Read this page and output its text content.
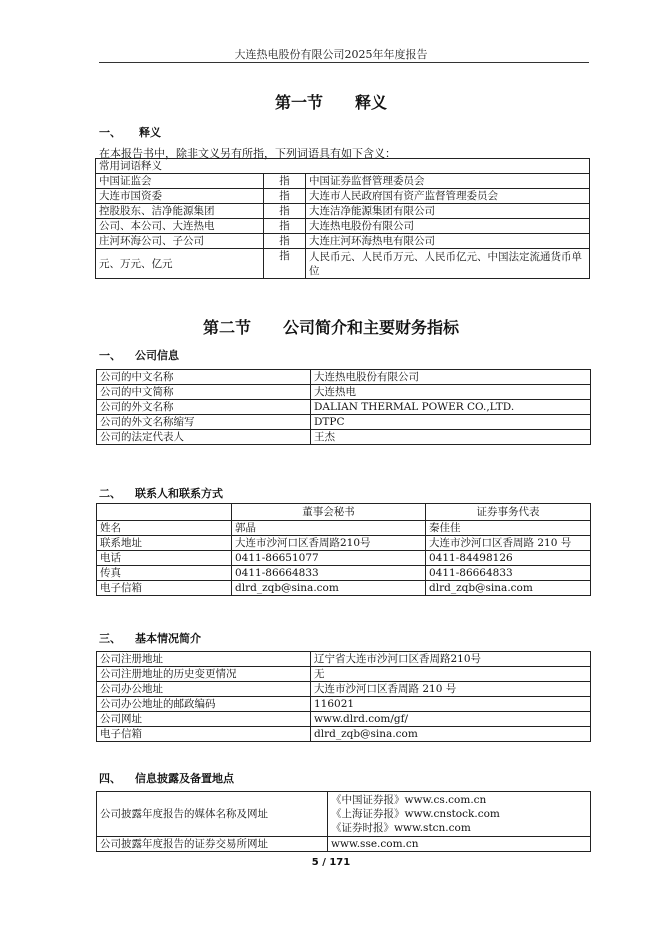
大连热电股份有限公司2025年年度报告
第一节　　释义
一、 释义
在本报告书中，除非文义另有所指，下列词语具有如下含义：
常用词语释义		
中国证监会	指	中国证券监督管理委员会
大连市国资委	指	大连市人民政府国有资产监督管理委员会
控股股东、洁净能源集团	指	大连洁净能源集团有限公司
公司、本公司、大连热电	指	大连热电股份有限公司
庄河环海公司、子公司	指	大连庄河环海热电有限公司
元、万元、亿元	指	人民币元、人民币万元、人民币亿元、中国法定流通货币单位
第二节　　公司简介和主要财务指标
一、 公司信息
公司的中文名称	大连热电股份有限公司
公司的中文简称	大连热电
公司的外文名称	DALIAN THERMAL POWER CO.,LTD.
公司的外文名称缩写	DTPC
公司的法定代表人	王杰
二、 联系人和联系方式
	董事会秘书	证券事务代表
姓名	郭晶	秦佳佳
联系地址	大连市沙河口区香周路210号	大连市沙河口区香周路 210 号
电话	0411-86651077	0411-84498126
传真	0411-86664833	0411-86664833
电子信箱	dlrd_zqb@sina.com	dlrd_zqb@sina.com
三、 基本情况简介
公司注册地址	辽宁省大连市沙河口区香周路210号
公司注册地址的历史变更情况	无
公司办公地址	大连市沙河口区香周路 210 号
公司办公地址的邮政编码	116021
公司网址	www.dlrd.com/gf/
电子信箱	dlrd_zqb@sina.com
四、 信息披露及备置地点
公司披露年度报告的媒体名称及网址	《中国证券报》www.cs.com.cn
《上海证券报》www.cnstock.com
《证券时报》www.stcn.com

公司披露年度报告的证券交易所网址	www.sse.com.cn
5 / 171
